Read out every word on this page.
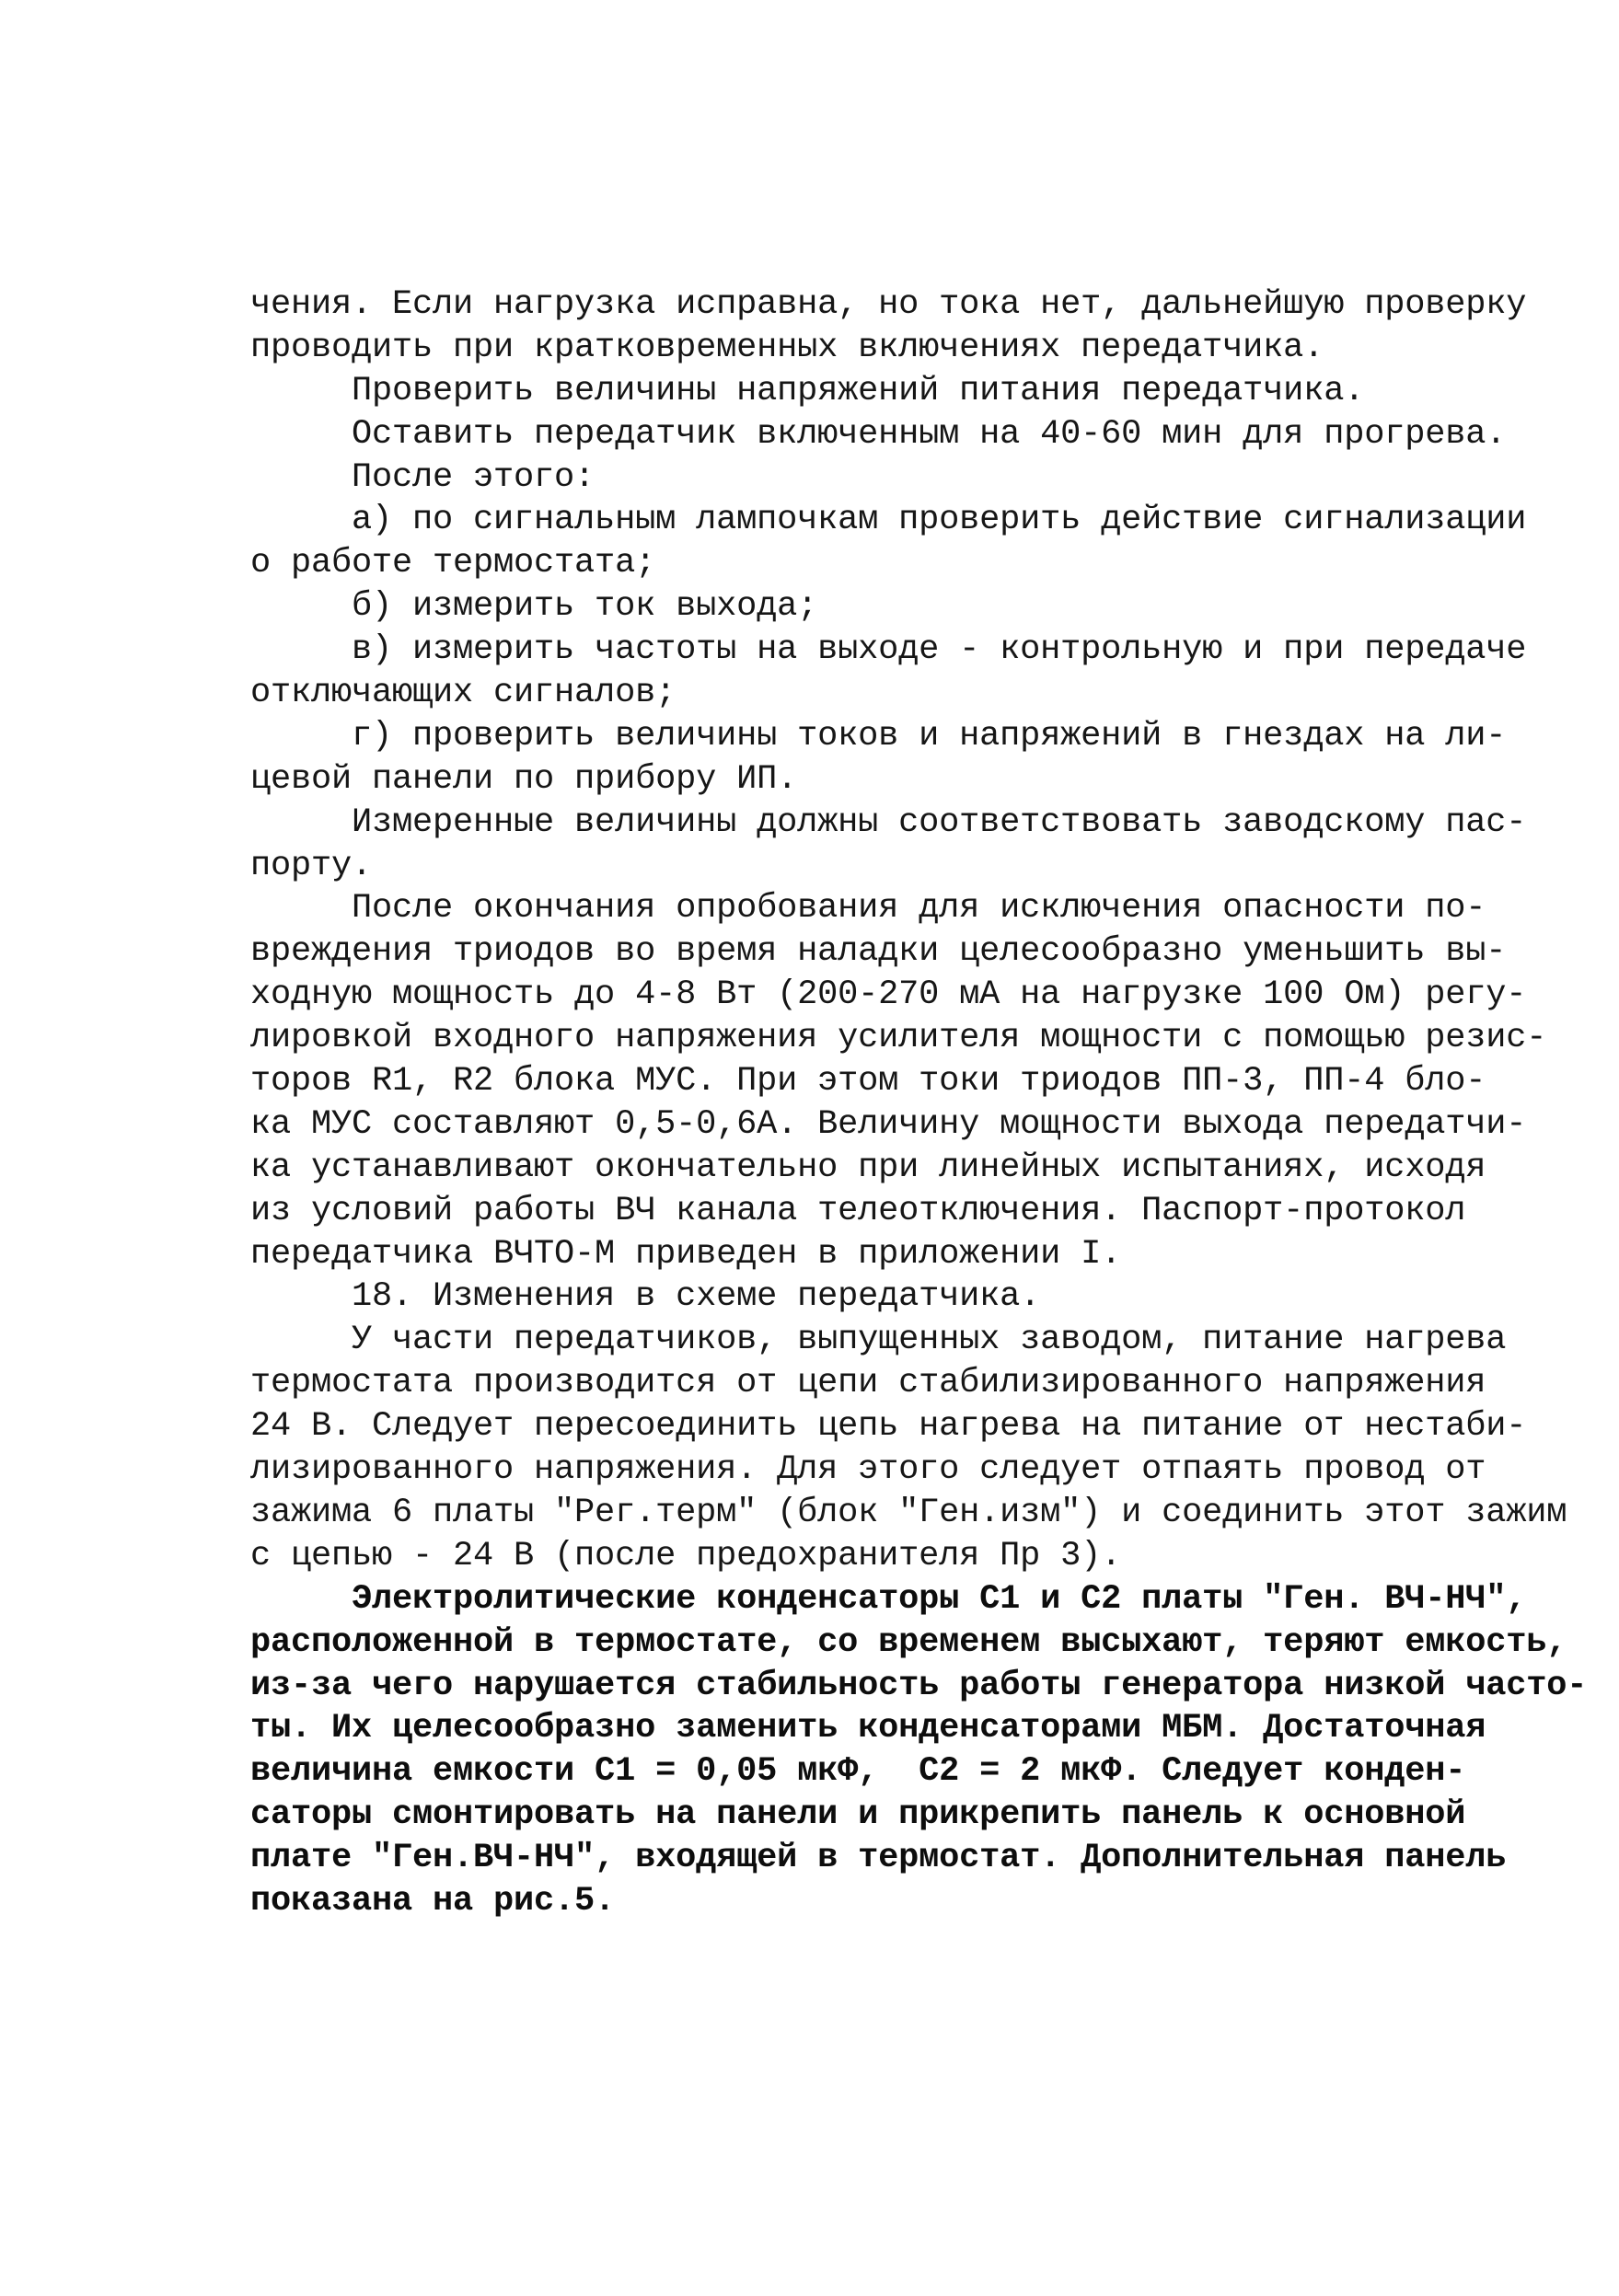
чения. Если нагрузка исправна, но тока нет, дальнейшую проверку
проводить при кратковременных включениях передатчика.
Проверить величины напряжений питания передатчика.
Оставить передатчик включенным на 40-60 мин для прогрева.
После этого:
а) по сигнальным лампочкам проверить действие сигнализации
о работе термостата;
б) измерить ток выхода;
в) измерить частоты на выходе - контрольную и при передаче
отключающих сигналов;
г) проверить величины токов и напряжений в гнездах на ли-
цевой панели по прибору ИП.
Измеренные величины должны соответствовать заводскому пас-
порту.
После окончания опробования для исключения опасности по-
вреждения триодов во время наладки целесообразно уменьшить вы-
ходную мощность до 4-8 Вт (200-270 мА на нагрузке 100 Ом) регу-
лировкой входного напряжения усилителя мощности с помощью резис-
торов R1, R2 блока МУС. При этом токи триодов ПП-3, ПП-4 бло-
ка МУС составляют 0,5-0,6А. Величину мощности выхода передатчи-
ка устанавливают окончательно при линейных испытаниях, исходя
из условий работы ВЧ канала телеотключения. Паспорт-протокол
передатчика ВЧТО-М приведен в приложении I.
18. Изменения в схеме передатчика.
У части передатчиков, выпущенных заводом, питание нагрева
термостата производится от цепи стабилизированного напряжения
24 В. Следует пересоединить цепь нагрева на питание от нестаби-
лизированного напряжения. Для этого следует отпаять провод от
зажима 6 платы "Рег.терм" (блок "Ген.изм") и соединить этот зажим
с цепью - 24 В (после предохранителя Пр 3).
Электролитические конденсаторы C1 и C2 платы "Ген. ВЧ-НЧ",
расположенной в термостате, со временем высыхают, теряют емкость,
из-за чего нарушается стабильность работы генератора низкой часто-
ты. Их целесообразно заменить конденсаторами МБМ. Достаточная
величина емкости C1 = 0,05 мкФ,  C2 = 2 мкФ. Следует конден-
саторы смонтировать на панели и прикрепить панель к основной
плате "Ген.ВЧ-НЧ", входящей в термостат. Дополнительная панель
показана на рис.5.
